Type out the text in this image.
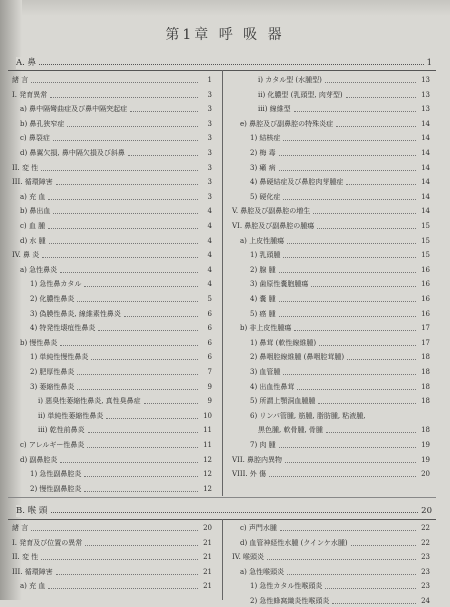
第1章 呼 吸 器
A. 鼻	1
緒 言	1
I. 発育異常	3
a) 鼻中隔彎曲症及び鼻中隔突起症	3
b) 鼻孔狭窄症	3
c) 鼻裂症	3
d) 鼻翼欠損, 鼻中隔欠損及び斜鼻	3
II. 変 性	3
III. 循環障害	3
a) 充 血	3
b) 鼻出血	4
c) 血 腫	4
d) 水 腫	4
IV. 鼻 炎	4
a) 急性鼻炎	4
1) 急性鼻カタル	4
2) 化膿性鼻炎	5
3) 偽膜性鼻炎, 線維素性鼻炎	6
4) 特発性壊疽性鼻炎	6
b) 慢性鼻炎	6
1) 単純性慢性鼻炎	6
2) 肥厚性鼻炎	7
3) 萎縮性鼻炎	9
i) 悪臭性萎縮性鼻炎, 真性臭鼻症	9
ii) 単純性萎縮性鼻炎	10
iii) 乾性前鼻炎	11
c) アレルギー性鼻炎	11
d) 副鼻腔炎	12
1) 急性副鼻腔炎	12
2) 慢性副鼻腔炎	12
i) カタル型 (水腫型)	13
ii) 化膿型 (乳頭型, 肉芽型)	13
iii) 線維型	13
e) 鼻腔及び副鼻腔の特殊炎症	14
1) 結核症	14
2) 梅 毒	14
3) 癩 病	14
4) 鼻硬結症及び鼻腔肉芽腫症	14
5) 硬化症	14
V. 鼻腔及び副鼻腔の増生	14
VI. 鼻腔及び副鼻腔の腫瘍	15
a) 上皮性腫瘍	15
1) 乳頭腫	15
2) 腺 腫	16
3) 歯原性嚢胞腫瘍	16
4) 嚢 腫	16
5) 癌 腫	16
b) 非上皮性腫瘍	17
1) 鼻茸 (軟性線維腫)	17
2) 鼻咽腔線維腫 (鼻咽腔茸腫)	18
3) 血管腫	18
4) 出血性鼻茸	18
5) 所謂上顎洞血腫腫	18
6) リンパ管腫, 筋腫, 脂肪腫, 粘液腫,
黒色腫, 軟骨腫, 骨腫	18
7) 肉 腫	19
VII. 鼻腔内異物	19
VIII. 外 傷	20
B. 喉 頭	20
緒 言	20
I. 発育及び位置の異常	21
II. 変 性	21
III. 循環障害	21
a) 充 血	21
c) 声門水腫	22
d) 血管神経性水腫 (クインケ水腫)	22
IV. 喉頭炎	23
a) 急性喉頭炎	23
1) 急性カタル性喉頭炎	23
2) 急性蜂窩織炎性喉頭炎	24
